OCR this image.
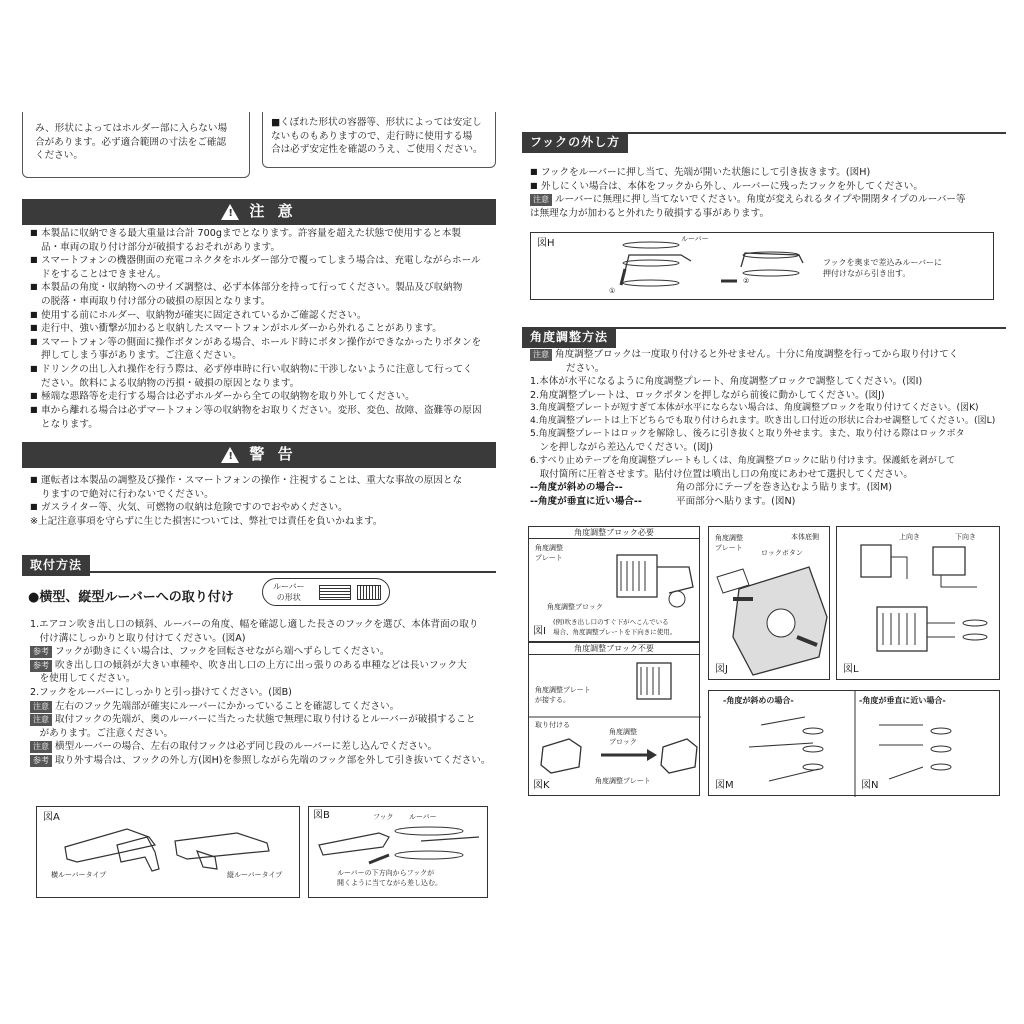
み、形状によってはホルダー部に入らない場
合があります。必ず適合範囲の寸法をご確認
ください。
■くぼれた形状の容器等、形状によっては安定し
ないものもありますので、走行時に使用する場
合は必ず安定性を確認のうえ、ご使用ください。
!
注 意
■ 本製品に収納できる最大重量は合計 700gまでとなります。許容量を超えた状態で使用すると本製
品・車両の取り付け部分が破損するおそれがあります。
■ スマートフォンの機器側面の充電コネクタをホルダー部分で覆ってしまう場合は、充電しながらホール
ドをすることはできません。
■ 本製品の角度・収納物へのサイズ調整は、必ず本体部分を持って行ってください。製品及び収納物
の脱落・車両取り付け部分の破損の原因となります。
■ 使用する前にホルダー、収納物が確実に固定されているかご確認ください。
■ 走行中、強い衝撃が加わると収納したスマートフォンがホルダーから外れることがあります。
■ スマートフォン等の側面に操作ボタンがある場合、ホールド時にボタン操作ができなかったりボタンを
押してしまう事があります。ご注意ください。
■ ドリンクの出し入れ操作を行う際は、必ず停車時に行い収納物に干渉しないように注意して行ってく
ださい。飲料による収納物の汚損・破損の原因となります。
■ 極端な悪路等を走行する場合は必ずホルダーから全ての収納物を取り外してください。
■ 車から離れる場合は必ずマートフォン等の収納物をお取りください。変形、変色、故障、盗難等の原因
となります。
!
警 告
■ 運転者は本製品の調整及び操作・スマートフォンの操作・注視することは、重大な事故の原因とな
りますので絶対に行わないでください。
■ ガスライター等、火気、可燃物の収納は危険ですのでおやめください。
※上記注意事項を守らずに生じた損害については、弊社では責任を負いかねます。
取付方法
●横型、縦型ルーバーへの取り付け
ルーバー
の形状
1.エアコン吹き出し口の傾斜、ルーバーの角度、幅を確認し適した長さのフックを選び、本体背面の取り
　付け溝にしっかりと取り付けてください。(図A)
参考 フックが動きにくい場合は、フックを回転させながら端へずらしてください。
参考 吹き出し口の傾斜が大きい車種や、吹き出し口の上方に出っ張りのある車種などは長いフック大
　を使用してください。
2.フックをルーバーにしっかりと引っ掛けてください。(図B)
注意 左右のフック先端部が確実にルーバーにかかっていることを確認してください。
注意 取付フックの先端が、奥のルーバーに当たった状態で無理に取り付けるとルーバーが破損すること
　があります。ご注意ください。
注意 横型ルーバーの場合、左右の取付フックは必ず同じ段のルーバーに差し込んでください。
参考 取り外す場合は、フックの外し方(図H)を参照しながら先端のフック部を外して引き抜いてください。
図A
横ルーバータイプ	縦ルーバータイプ
図B	フック ルーバー
ルーバーの下方向からフックが
開くように当てながら差し込む。
フックの外し方
■ フックをルーバーに押し当て、先端が開いた状態にして引き抜きます。(図H)
■ 外しにくい場合は、本体をフックから外し、ルーバーに残ったフックを外してください。
注意 ルーバーに無理に押し当てないでください。角度が変えられるタイプや開閉タイプのルーバー等
は無理な力が加わると外れたり破損する事があります。
図H	ルーバー
①
②
フックを奥まで差込みルーバーに
押付けながら引き出す。
角度調整方法
注意 角度調整ブロックは一度取り付けると外せません。十分に角度調整を行ってから取り付けてく
ださい。
1.本体が水平になるように角度調整プレート、角度調整ブロックで調整してください。(図I)
2.角度調整プレートは、ロックボタンを押しながら前後に動かしてください。(図J)
3.角度調整プレートが短すぎて本体が水平にならない場合は、角度調整ブロックを取り付けてください。(図K)
4.角度調整プレートは上下どちらでも取り付けられます。吹き出し口付近の形状に合わせ調整してください。(図L)
5.角度調整プレートはロックを解除し、後ろに引き抜くと取り外せます。また、取り付ける際はロックボタ
　ンを押しながら差込んでください。(図J)
6.すべり止めテープを角度調整プレートもしくは、角度調整ブロックに貼り付けます。保護紙を剥がして
　取付箇所に圧着させます。貼付け位置は噴出し口の角度にあわせて選択してください。
--角度が斜めの場合--	角の部分にテープを巻き込むよう貼ります。(図M)
--角度が垂直に近い場合--	平面部分へ貼ります。(図N)
角度調整ブロック必要
角度調整
プレート
角度調整ブロック
図I
(例)吹き出し口のすぐ下がへこんでいる
場合、角度調整プレートを下向きに使用。
角度調整ブロック不要
角度調整プレート
が接する。
取り付ける
角度調整
ブロック
角度調整プレート
図K
角度調整
プレート
本体底側
ロックボタン
図J
上向き	下向き
図L
-角度が斜めの場合-	-角度が垂直に近い場合-
図M	図N
